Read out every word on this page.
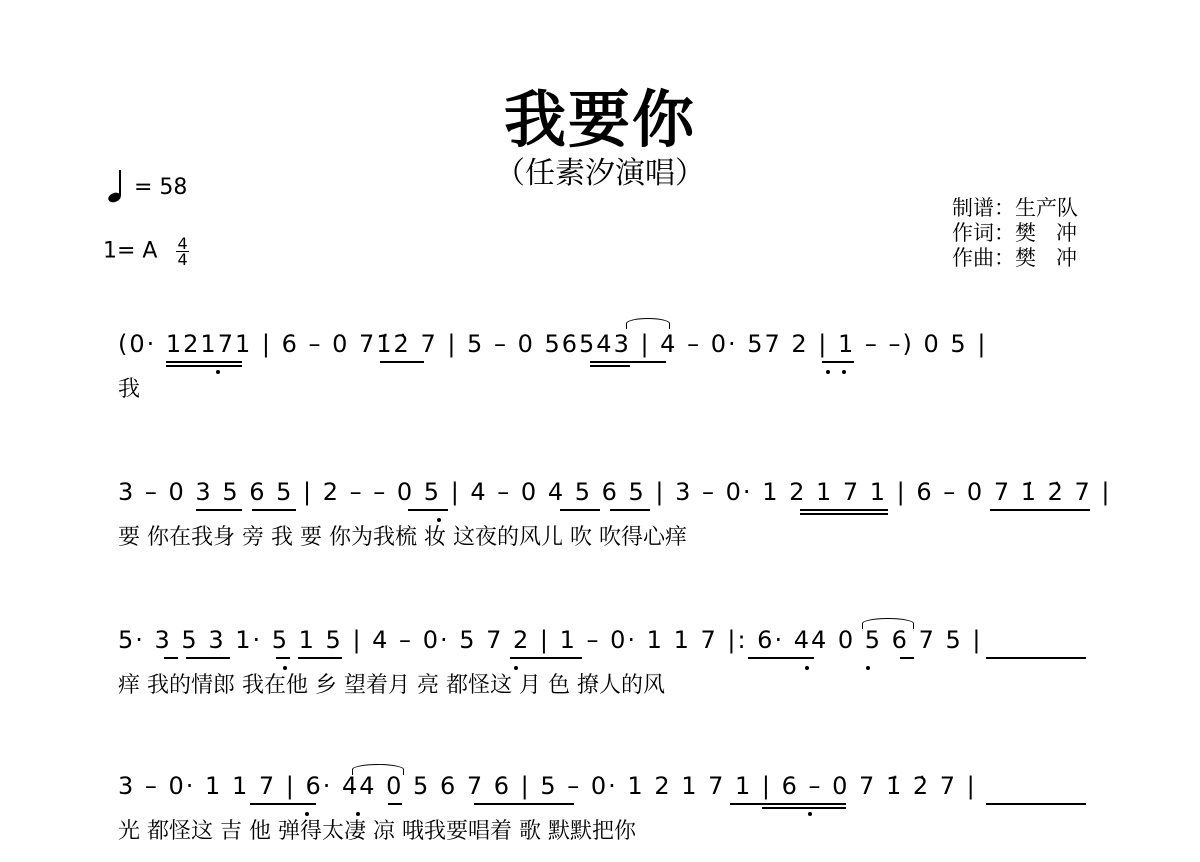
我要你
（任素汐演唱）
= 58
1= A $\frac{4}{4}$
制谱：生产队
作词：樊   冲
作曲：樊   冲
(0· 12171 | 6 – 0 71̇2̇ 7 | 5 – 0 56543 | 4 – 0· 57 2 | 1 – –) 0 5 |
我
3 – 0 3 5 6 5 | 2 – – 0 5 | 4 – 0 4 5 6 5 | 3 – 0· 1 2 1 7 1 | 6 – 0 7 1̇ 2̇ 7 |
要 你在我身 旁 我 要 你为我梳 妆 这夜的风儿 吹 吹得心痒
5· 3 5 3 1· 5 1 5 | 4 – 0· 5 7 2 | 1 – 0· 1 1 7 |: 6· 44 0 5 6 7 5 |
痒 我的情郎 我在他 乡 望着月 亮 都怪这 月 色 撩人的风
3 – 0· 1 1 7 | 6· 44 0 5 6 7 6 | 5 – 0· 1 2 1 7 1 | 6 – 0 7 1̇ 2̇ 7 |
光 都怪这 吉 他 弹得太凄 凉 哦我要唱着 歌 默默把你
